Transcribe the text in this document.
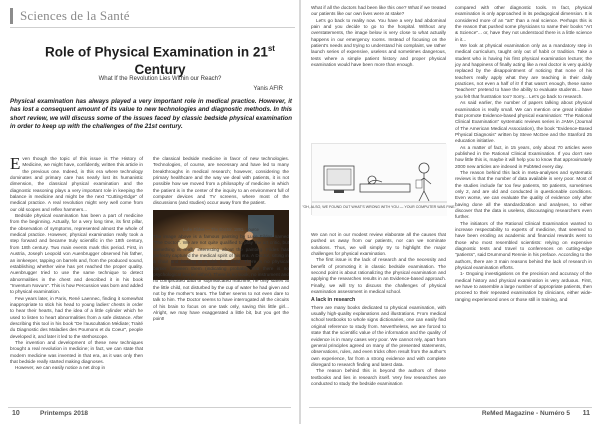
Sciences de la Santé
Role of Physical Examination in 21st
Century
What If the Revolution Lies Within our Reach?
Yanis AFIR
Physical examination has always played a very important role in medical practice. However, it has lost a consequent amount of its value to new technologies and diagnostic methods. In this short review, we will discuss some of the issues faced by classic bedside physical examination in order to keep up with the challenges of the 21st century.

Even though the topic of this issue is The History of Medicine, we might have, confidently, written this article in the previous one. Indeed, in this era where technology dominates and primary care has nearly lost its humanistic dimension, the classical physical examination and the diagnostic reasoning plays a very important role in keeping the balance in medicine and might be the next "Cutting-Edge" of medical practice. A real revolution might very well come from our old scopes and reflex hammers...

Bedside physical examination has been a part of medicine from the beginning. Actually, for a very long time, its first pillar, the observation of symptoms, represented almost the whole of medical practice. However, physical examination really took a step forward and became truly scientific in the 18th century, from 18th century. Two main events mark this period. First, in Austria, Joseph Leopold von Auenbrugger observed his father, an innkeeper, tapping on barrels and, from the produced sound, establishing whether wine has yet reached the proper quality. Auenbrugger tried to use the same technique to detect abnormalities in the chest and described it in his book "Inventum Novum". This is how Percussion was born and added to physical examination.

Few years later, in Paris, René Laennec, finding it somewhat inappropriate to stick his head to young ladies' chests in order to hear their hearts, had the idea of a little cylinder which he used to listen to heart abnormalities from a safe distance. After describing this tool in his book "De l'auscultation Médiate; Traité du Diagnostic des Maladies des Poumons et du Coeur", people developed it, and later it led to the stethoscope.

The invention and development of these new techniques brought a real revolution in medicine; in fact, we can state that modern medicine was invented in that era, as it was only then that bedside really started making diagnoses.

However, we can easily notice a net drop in

the classical bedside medicine in favor of new technologies. Technologies, of course, are necessary and have led to many breakthroughs in medical research; however, considering the primary healthcare and the way we deal with patients, it is not possible how we moved from a philosophy of medicine in which the patient is in the center of the inquiry to an environment full of computer devices and TV screens, where most of the discussions (and studies) occur away from the patient.

Luke Fildes — The Doctor, 1891. Source

The image above is a famous painting by Luke Fildes named "The Doctor". We are not quite qualified to play the art critic, but something is really interesting about the painting. Fildes has perfectly captured the medical spirit of his era. A Doctor, sitting in a chair and looking at a sick little child. There is no physical barrier between them (indicating probably that there is no psychological barrier either). There is no book, no instrument and no complicated data or sophisticated machine; he only stares at the little child, not disturbed by the cup of water he had given and not by the mother's tears. The father seems to not even dare to talk to him. The Doctor seems to have interrogated all the circuits of his brain to focus on one task only, saving this little girl... Alright, we may have exaggerated a little bit, but you get the point!

10	Printemps 2018

What if all the doctors had been like this one? What if we treated our patients like our own lives were at stake?

Let's go back to reality now. You have a very bad abdominal pain and you decide to go to the hospital. Without any overstatements, the image below is very close to what actually happens in our emergency rooms. Instead of focusing on the patient's needs and trying to understand his complaint, we rather launch series of expensive, useless and sometimes dangerous, tests where a simple patient history and proper physical examination would have been more than enough.

"OH, ALSO, WE FOUND OUT WHAT'S WRONG WITH YOU — YOUR COMPUTER WAS FINE."

We can not in our modest review elaborate all the causes that pushed us away from our patients, nor can we nominate solutions. Thus, we will simply try to highlight the major challenges for physical examination.

The first issue is the lack of research and the necessity and benefit of promoting it in classic bedside examination. The second point is about rationalizing the physical examination and applying the researches results in an Evidence-based approach. Finally, we will try to discuss the challenges of physical examination assessment in medical school.

A lack in research

There are many books dedicated to physical examination, with usually high-quality explanations and illustrations. From medical school textbooks to whole signs dictionaries, one can easily find original reference to study from. Nevertheless, we are forced to state that the scientific value of the information and the quality of evidence is in many cases very poor. We cannot rely, apart from general principles agreed on many of the presented statements, observations, rules, and even tricks often result from the author's own experience, far from a strong evidence and with complete disregard to research finding and latest data.

The reason behind this is beyond the authors of these textbooks and lies in research itself. Very few researches are conducted to study the bedside examination

compared with other diagnostic tools. In fact, physical examination is only approached in its pedagogical dimension. It is considered more of an "art" than a real science. Perhaps this is the reason that pushed some physicians to name their books "Art & Science"... or, have they not understood there is a little science in it...

We look at physical examination only as a mandatory step in medical curriculum, taught only out of habit or tradition. Take a student who is having his first physical examination lecture; the joy and happiness of finally acting like a real doctor is very quickly replaced by the disappointment of noticing that none of his teachers really apply what they are teaching in their daily practices, not even a half of it! If that wasn't enough, these same "teachers" pretend to have the ability to evaluate students... have you felt that frustration too? Sorry... Let's go back to research.

As said earlier, the number of papers talking about physical examination is really small. We can mention one great initiative that promote Evidence-based physical examination: "The Rational Clinical Examination" systematic reviews series in JAMA (Journal of The American Medical Association), the book "Evidence-Based Physical Diagnosis" written by Steve McGee and the Stanford 25 education initiative.

As a matter of fact, in 15 years, only about 70 articles were published in the Rational Clinical Examination. If you don't see how little this is, maybe it will help you to know that approximately 2000 new articles are indexed in PubMed every day.

The reason behind this lack in meta-analyses and systematic reviews is that the number of data available is very poor. Most of the studies include far too few patients, 50 patients, sometimes only 2, and are old and conducted in questionable conditions. Even worse, we can evaluate the quality of evidence only after having done all the standardization and analyses, to either discover that the data is useless, discouraging researchers even further.

The initiators of the Rational Clinical Examination wanted to increase respectability to experts of medicine, that seemed to have been eroding as academic and financial rewards went to those who most resembled scientists: relying on expensive diagnostic tests and travel to conferences on cutting-edge "patients", said Drummond Rennie in his preface. According to the authors, there are 3 main reasons behind the lack of research in physical examination efforts.

1- Ongoing investigations on the precision and accuracy of the medical history and physical examination is very arduous. First, we have to assemble a large number of appropriate patients, then proceed to their repeated examination by clinicians, either wide-ranging experienced ones or those still in training, and

ReMed Magazine - Numéro 5 11
